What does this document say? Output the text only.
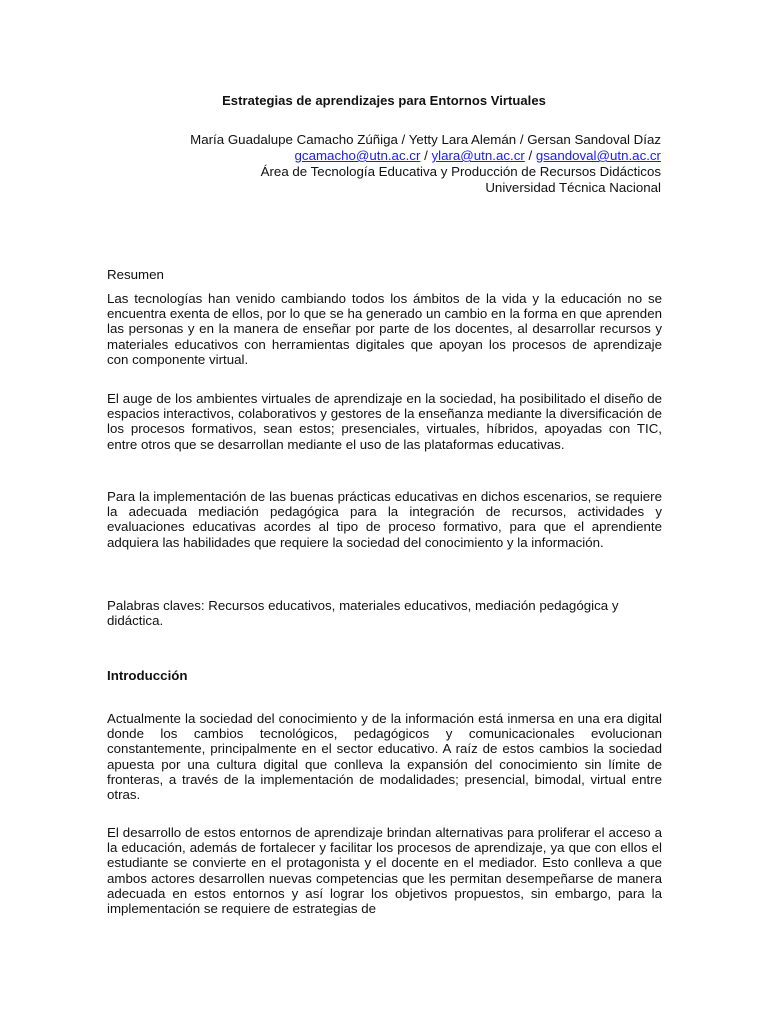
Estrategias de aprendizajes para Entornos Virtuales
María Guadalupe Camacho Zúñiga / Yetty Lara Alemán / Gersan Sandoval Díaz
gcamacho@utn.ac.cr / ylara@utn.ac.cr / gsandoval@utn.ac.cr
Área de Tecnología Educativa y Producción de Recursos Didácticos
Universidad Técnica Nacional
Resumen
Las tecnologías han venido cambiando todos los ámbitos de la vida y la educación no se encuentra exenta de ellos, por lo que se ha generado un cambio en la forma en que aprenden las personas y en la manera de enseñar por parte de los docentes, al desarrollar recursos y materiales educativos con herramientas digitales que apoyan los procesos de aprendizaje con componente virtual.
El auge de los ambientes virtuales de aprendizaje en la sociedad, ha posibilitado el diseño de espacios interactivos, colaborativos y gestores de la enseñanza mediante la diversificación de los procesos formativos, sean estos; presenciales, virtuales, híbridos, apoyadas con TIC, entre otros que se desarrollan mediante el uso de las plataformas educativas.
Para la implementación de las buenas prácticas educativas en dichos escenarios, se requiere la adecuada mediación pedagógica para la integración de recursos, actividades y evaluaciones educativas acordes al tipo de proceso formativo, para que el aprendiente adquiera las habilidades que requiere la sociedad del conocimiento y la información.
Palabras claves: Recursos educativos, materiales educativos, mediación pedagógica y didáctica.
Introducción
Actualmente la sociedad del conocimiento y de la información está inmersa en una era digital donde los cambios tecnológicos, pedagógicos y comunicacionales evolucionan constantemente, principalmente en el sector educativo. A raíz de estos cambios la sociedad apuesta por una cultura digital que conlleva la expansión del conocimiento sin límite de fronteras, a través de la implementación de modalidades; presencial, bimodal, virtual entre otras.
El desarrollo de estos entornos de aprendizaje brindan alternativas para proliferar el acceso a la educación, además de fortalecer y facilitar los procesos de aprendizaje, ya que con ellos el estudiante se convierte en el protagonista y el docente en el mediador. Esto conlleva a que ambos actores desarrollen nuevas competencias que les permitan desempeñarse de manera adecuada en estos entornos y así lograr los objetivos propuestos, sin embargo, para la implementación se requiere de estrategias de
